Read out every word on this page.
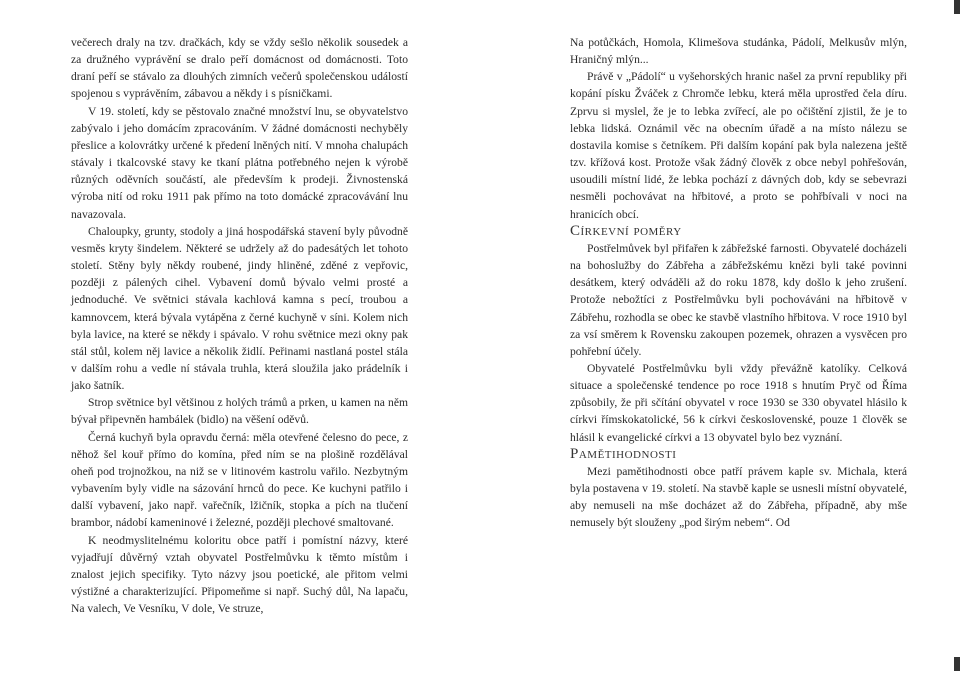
večerech draly na tzv. dračkách, kdy se vždy sešlo několik sousedek a za družného vyprávění se dralo peří domácnost od domácnosti. Toto draní peří se stávalo za dlouhých zimních večerů společenskou událostí spojenou s vyprávěním, zábavou a někdy i s písničkami.

V 19. století, kdy se pěstovalo značné množství lnu, se obyvatelstvo zabývalo i jeho domácím zpracováním. V žádné domácnosti nechyběly přeslice a kolovrátky určené k předení lněných nití. V mnoha chalupách stávaly i tkalcovské stavy ke tkaní plátna potřebného nejen k výrobě různých oděvních součástí, ale především k prodeji. Živnostenská výroba nití od roku 1911 pak přímo na toto domácké zpracovávání lnu navazovala.

Chaloupky, grunty, stodoly a jiná hospodářská stavení byly původně vesměs kryty šindelem. Některé se udržely až do padesátých let tohoto století. Stěny byly někdy roubené, jindy hliněné, zděné z vepřovic, později z pálených cihel. Vybavení domů bývalo velmi prosté a jednoduché. Ve světnici stávala kachlová kamna s pecí, troubou a kamnovcem, která bývala vytápěna z černé kuchyně v síni. Kolem nich byla lavice, na které se někdy i spávalo. V rohu světnice mezi okny pak stál stůl, kolem něj lavice a několik židlí. Peřinami nastlaná postel stála v dalším rohu a vedle ní stávala truhla, která sloužila jako prádelník i jako šatník.

Strop světnice byl většinou z holých trámů a prken, u kamen na něm bývał připevněn hambálek (bidlo) na věšení oděvů.

Černá kuchyň byla opravdu černá: měla otevřené čelesno do pece, z něhož šel kouř přímo do komína, před ním se na plošině rozdělával oheň pod trojnožkou, na niž se v litinovém kastrolu vařilo. Nezbytným vybavením byly vidle na sázování hrnců do pece. Ke kuchyni patřilo i další vybavení, jako např. vařečník, lžičník, stopka a pích na tlučení brambor, nádobí kameninové i železné, později plechové smaltované.

K neodmyslitelnému koloritu obce patří i pomístní názvy, které vyjadřují důvěrný vztah obyvatel Postřelmůvku k těmto místům i znalost jejich specifiky. Tyto názvy jsou poetické, ale přitom velmi výstižné a charakterizující. Připomeňme si např. Suchý důl, Na lapaču, Na valech, Ve Vesníku, V dole, Ve struze,

Na potůčkách, Homola, Klimešova studánka, Pádolí, Melkusův mlýn, Hraničný mlýn...

Právě v „Pádolí“ u vyšehorských hranic našel za první republiky při kopání písku Žváček z Chromče lebku, která měla uprostřed čela díru. Zprvu si myslel, že je to lebka zvířecí, ale po očištění zjistil, že je to lebka lidská. Oznámil věc na obecním úřadě a na místo nálezu se dostavila komise s četníkem. Při dalším kopání pak byla nalezena ještě tzv. křížová kost. Protože však žádný člověk z obce nebyl pohřešován, usoudili místní lidé, že lebka pochází z dávných dob, kdy se sebevrazi nesměli pochovávat na hřbitové, a proto se pohřbívali v noci na hranicích obcí.

Církevní poměry

Postřelmůvek byl přifařen k zábřežské farnosti. Obyvatelé docházeli na bohoslužby do Zábřeha a zábřežskému knězi byli také povinni desátkem, který odváděli až do roku 1878, kdy došlo k jeho zrušení. Protože nebožtíci z Postřelmůvku byli pochováváni na hřbitově v Zábřehu, rozhodla se obec ke stavbě vlastního hřbitova. V roce 1910 byl za vsí směrem k Rovensku zakoupen pozemek, ohrazen a vysvěcen pro pohřební účely.

Obyvatelé Postřelmůvku byli vždy převážně katolíky. Celková situace a společenské tendence po roce 1918 s hnutím Pryč od Říma způsobily, že při sčítání obyvatel v roce 1930 se 330 obyvatel hlásilo k církvi římskokatolické, 56 k církvi československé, pouze 1 člověk se hlásil k evangelické církvi a 13 obyvatel bylo bez vyznání.

Pamětihodnosti

Mezi pamětihodnosti obce patří právem kaple sv. Michala, která byla postavena v 19. století. Na stavbě kaple se usnesli místní obyvatelé, aby nemuseli na mše docházet až do Zábřeha, případně, aby mše nemusely být slouženy „pod širým nebem“. Od
